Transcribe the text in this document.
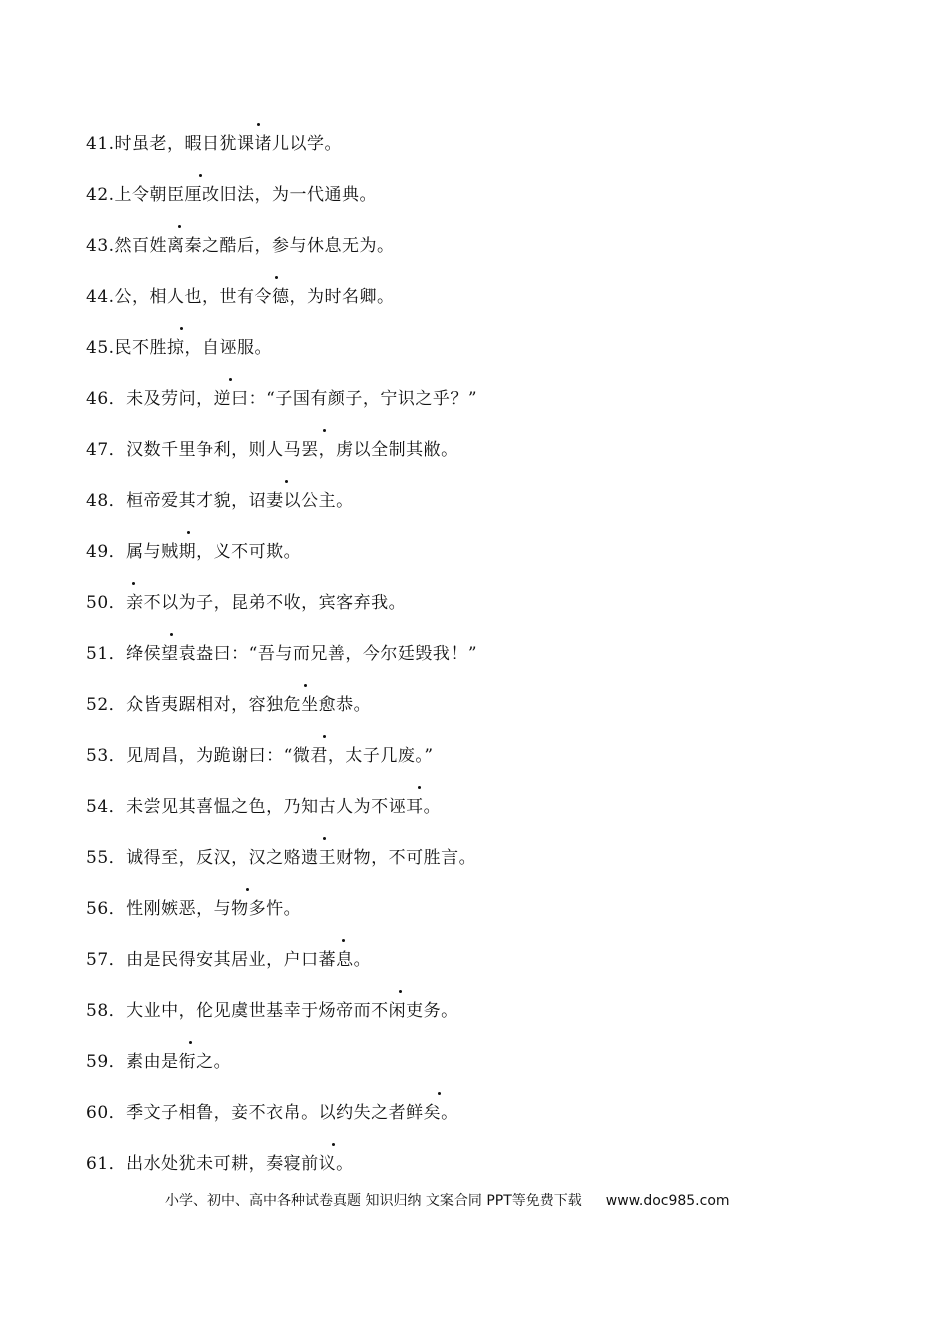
41.时虽老，暇日犹课诸儿以学。
42.上令朝臣厘改旧法，为一代通典。
43.然百姓离秦之酷后，参与休息无为。
44.公，相人也，世有令德，为时名卿。
45.民不胜掠，自诬服。
46．未及劳问，逆曰：“子国有颜子，宁识之乎？”
47．汉数千里争利，则人马罢，虏以全制其敝。
48．桓帝爱其才貌，诏妻以公主。
49．属与贼期，义不可欺。
50．亲不以为子，昆弟不收，宾客弃我。
51．绛侯望袁盎曰：“吾与而兄善，今尔廷毁我！”
52．众皆夷踞相对，容独危坐愈恭。
53．见周昌，为跪谢曰：“微君，太子几废。”
54．未尝见其喜愠之色，乃知古人为不诬耳。
55．诚得至，反汉，汉之赂遗王财物，不可胜言。
56．性刚嫉恶，与物多忤。
57．由是民得安其居业，户口蕃息。
58．大业中，伦见虞世基幸于炀帝而不闲吏务。
59．素由是衔之。
60．季文子相鲁，妾不衣帛。以约失之者鲜矣。
61．出水处犹未可耕，奏寝前议。
小学、初中、高中各种试卷真题 知识归纳 文案合同 PPT等免费下载 www.doc985.com
